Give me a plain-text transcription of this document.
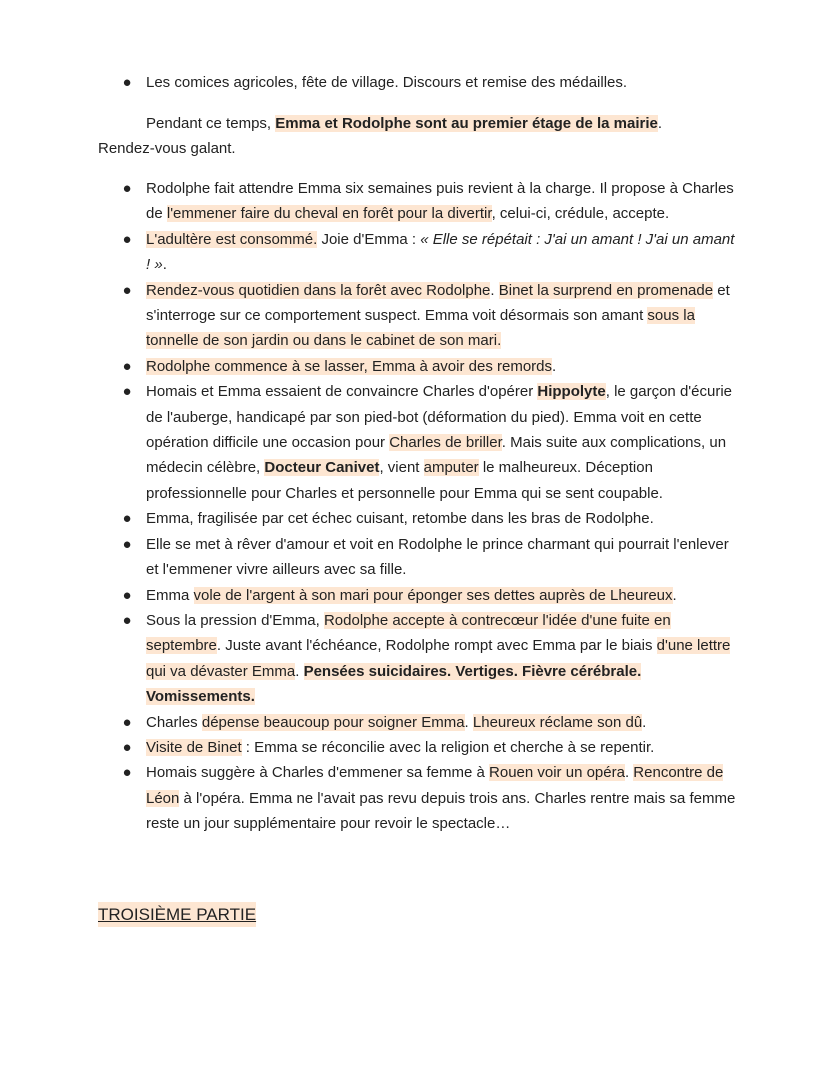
● Les comices agricoles, fête de village. Discours et remise des médailles.
Pendant ce temps, Emma et Rodolphe sont au premier étage de la mairie.
Rendez-vous galant.
● Rodolphe fait attendre Emma six semaines puis revient à la charge. Il propose à Charles de l'emmener faire du cheval en forêt pour la divertir, celui-ci, crédule, accepte.
● L'adultère est consommé. Joie d'Emma : « Elle se répétait : J'ai un amant ! J'ai un amant ! ».
● Rendez-vous quotidien dans la forêt avec Rodolphe. Binet la surprend en promenade et s'interroge sur ce comportement suspect. Emma voit désormais son amant sous la tonnelle de son jardin ou dans le cabinet de son mari.
● Rodolphe commence à se lasser, Emma à avoir des remords.
● Homais et Emma essaient de convaincre Charles d'opérer Hippolyte, le garçon d'écurie de l'auberge, handicapé par son pied-bot (déformation du pied). Emma voit en cette opération difficile une occasion pour Charles de briller. Mais suite aux complications, un médecin célèbre, Docteur Canivet, vient amputer le malheureux. Déception professionnelle pour Charles et personnelle pour Emma qui se sent coupable.
● Emma, fragilisée par cet échec cuisant, retombe dans les bras de Rodolphe.
● Elle se met à rêver d'amour et voit en Rodolphe le prince charmant qui pourrait l'enlever et l'emmener vivre ailleurs avec sa fille.
● Emma vole de l'argent à son mari pour éponger ses dettes auprès de Lheureux.
● Sous la pression d'Emma, Rodolphe accepte à contrecœur l'idée d'une fuite en septembre. Juste avant l'échéance, Rodolphe rompt avec Emma par le biais d'une lettre qui va dévaster Emma. Pensées suicidaires. Vertiges. Fièvre cérébrale. Vomissements.
● Charles dépense beaucoup pour soigner Emma. Lheureux réclame son dû.
● Visite de Binet : Emma se réconcilie avec la religion et cherche à se repentir.
● Homais suggère à Charles d'emmener sa femme à Rouen voir un opéra. Rencontre de Léon à l'opéra. Emma ne l'avait pas revu depuis trois ans. Charles rentre mais sa femme reste un jour supplémentaire pour revoir le spectacle…
TROISIÈME PARTIE
